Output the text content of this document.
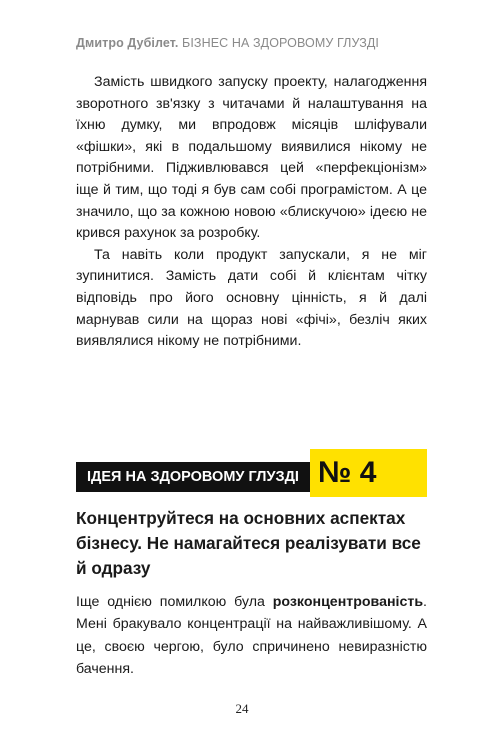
Дмитро Дубілет. БІЗНЕС НА ЗДОРОВОМУ ГЛУЗДІ

Замість швидкого запуску проекту, налагодження зворотного зв'язку з читачами й налаштування на їхню думку, ми впродовж місяців шліфували «фішки», які в подальшому виявилися нікому не потрібними. Підживлювався цей «перфекціонізм» іще й тим, що тоді я був сам собі програмістом. А це значило, що за кожною новою «блискучою» ідеєю не крився рахунок за розробку.

Та навіть коли продукт запускали, я не міг зупинитися. Замість дати собі й клієнтам чітку відповідь про його основну цінність, я й далі марнував сили на щораз нові «фічі», безліч яких виявлялися нікому не потрібними.

ІДЕЯ НА ЗДОРОВОМУ ГЛУЗДІ № 4
Концентруйтеся на основних аспектах бізнесу. Не намагайтеся реалізувати все й одразу

Іще однією помилкою була розконцентрованість. Мені бракувало концентрації на найважливішому. А це, своєю чергою, було спричинено невиразністю бачення.

24
